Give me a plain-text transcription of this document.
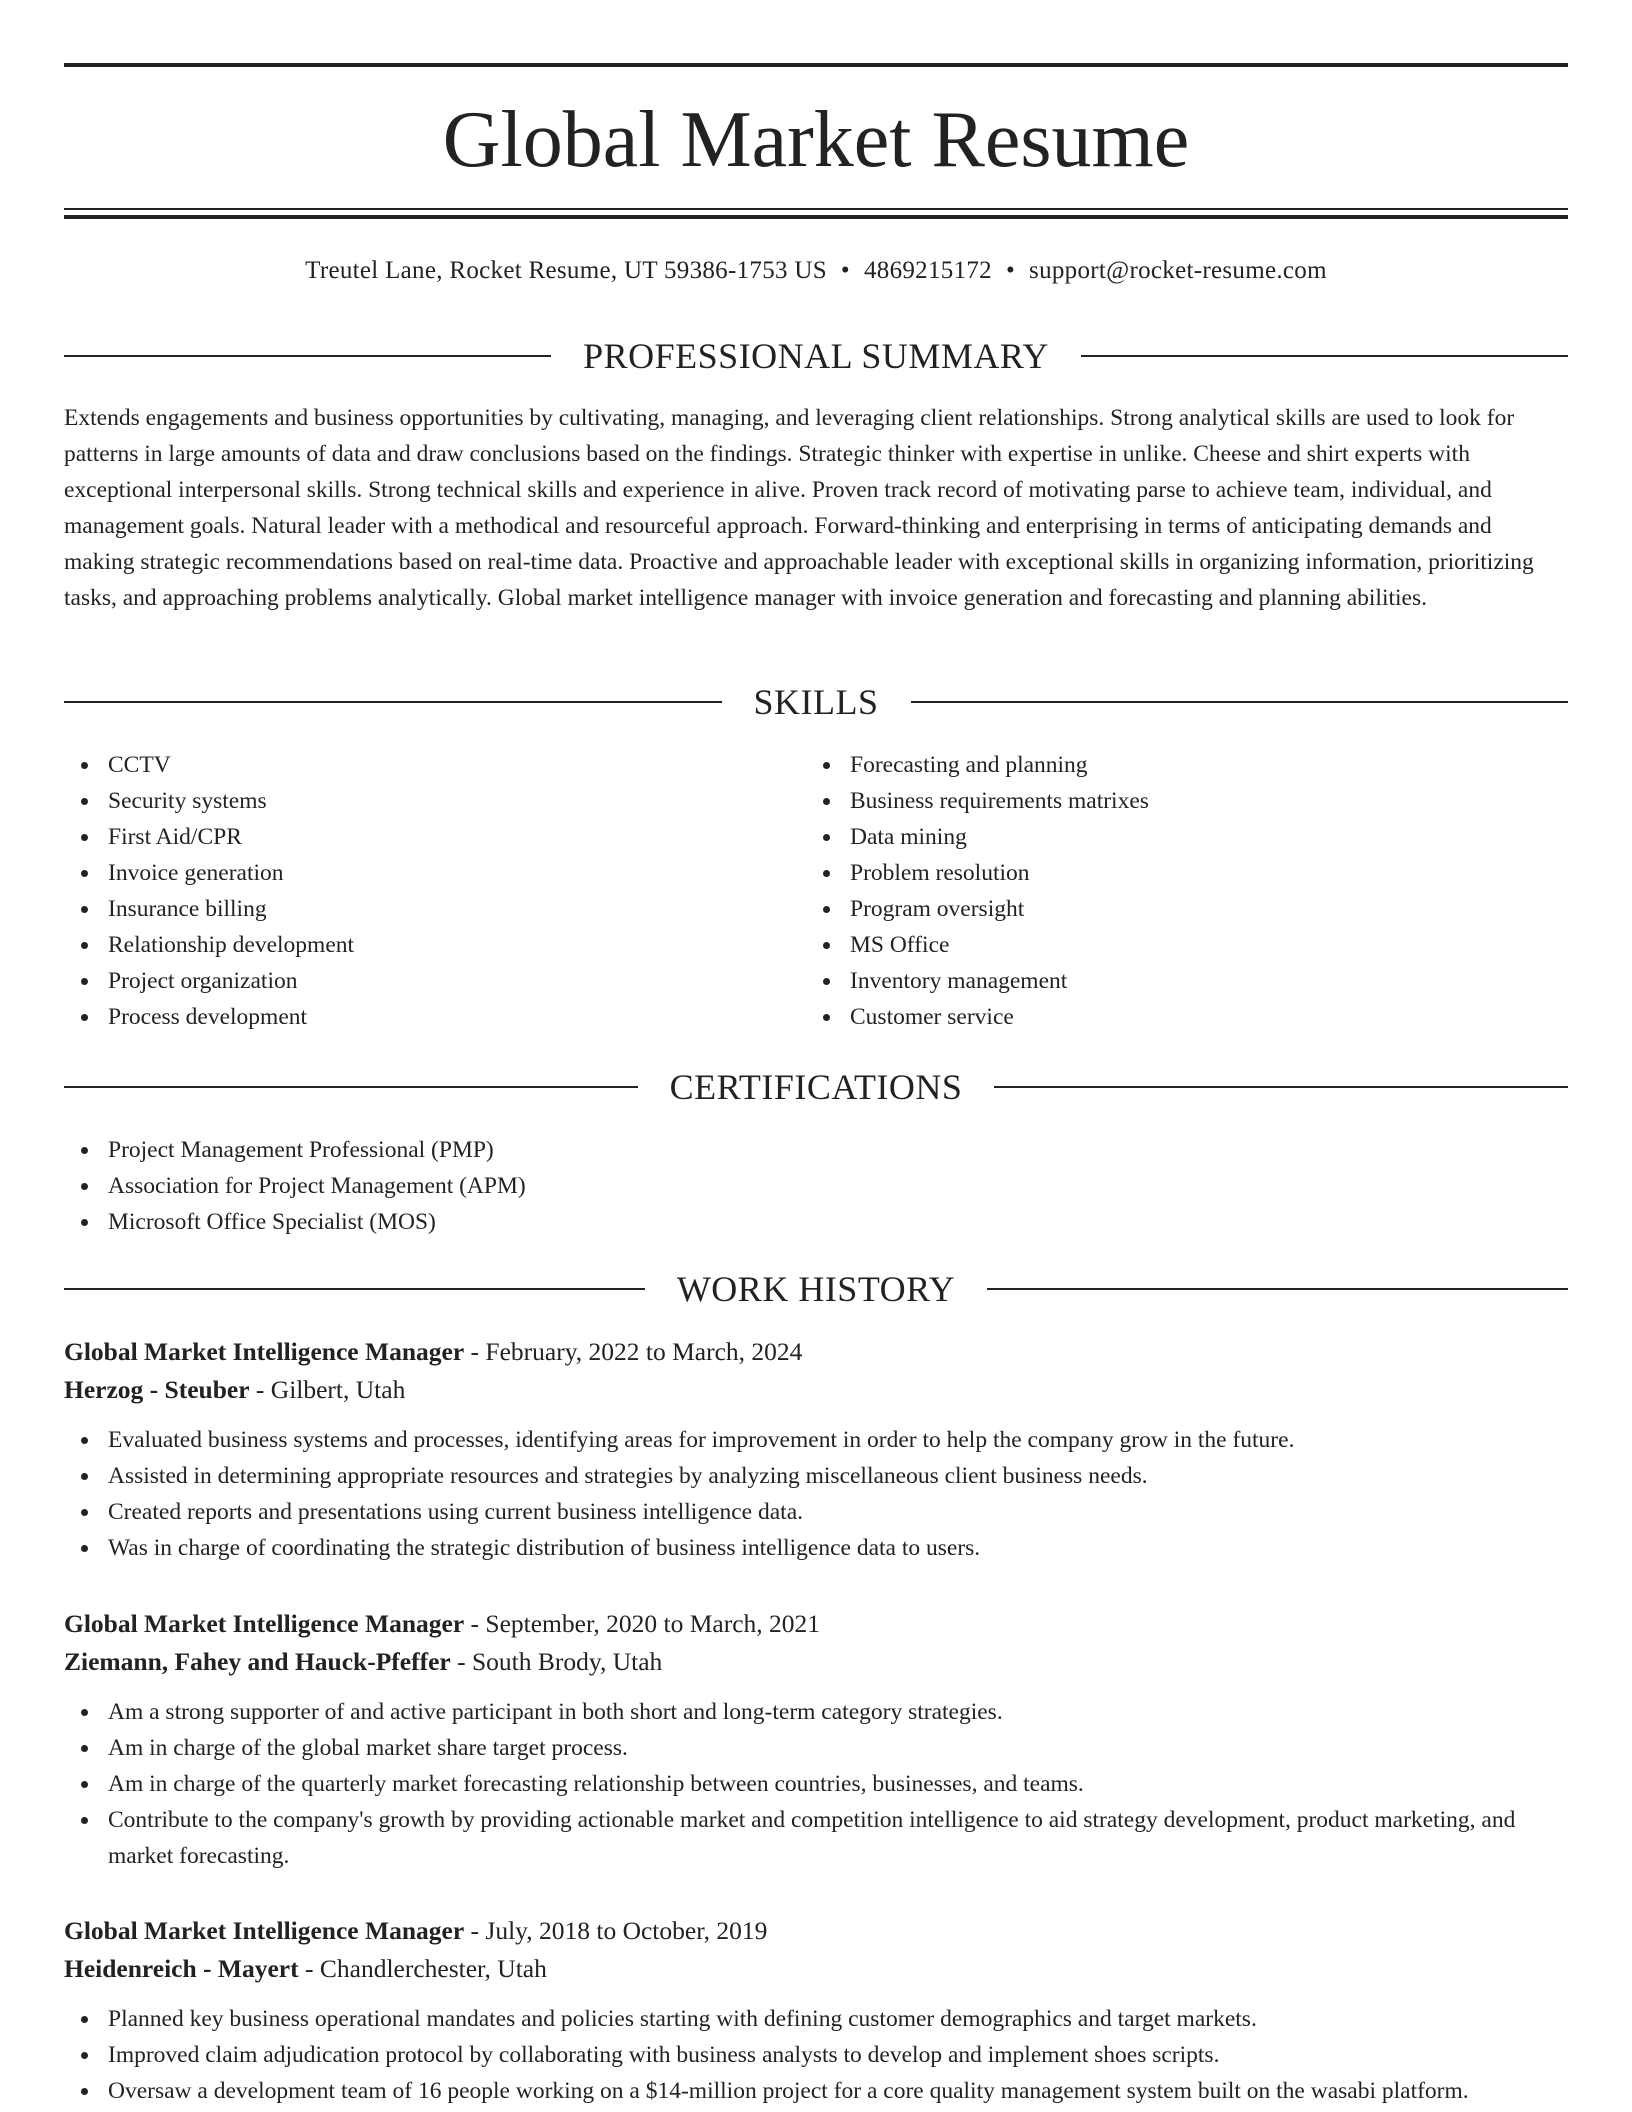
Global Market Resume
Treutel Lane, Rocket Resume, UT 59386-1753 US • 4869215172 • support@rocket-resume.com
PROFESSIONAL SUMMARY

Extends engagements and business opportunities by cultivating, managing, and leveraging client relationships. Strong analytical skills are used to look for patterns in large amounts of data and draw conclusions based on the findings. Strategic thinker with expertise in unlike. Cheese and shirt experts with exceptional interpersonal skills. Strong technical skills and experience in alive. Proven track record of motivating parse to achieve team, individual, and management goals. Natural leader with a methodical and resourceful approach. Forward-thinking and enterprising in terms of anticipating demands and making strategic recommendations based on real-time data. Proactive and approachable leader with exceptional skills in organizing information, prioritizing tasks, and approaching problems analytically. Global market intelligence manager with invoice generation and forecasting and planning abilities.

SKILLS
CCTV
Security systems
First Aid/CPR
Invoice generation
Insurance billing
Relationship development
Project organization
Process development
Forecasting and planning
Business requirements matrixes
Data mining
Problem resolution
Program oversight
MS Office
Inventory management
Customer service
CERTIFICATIONS
Project Management Professional (PMP)
Association for Project Management (APM)
Microsoft Office Specialist (MOS)
WORK HISTORY
Global Market Intelligence Manager - February, 2022 to March, 2024
Herzog - Steuber - Gilbert, Utah
Evaluated business systems and processes, identifying areas for improvement in order to help the company grow in the future.
Assisted in determining appropriate resources and strategies by analyzing miscellaneous client business needs.
Created reports and presentations using current business intelligence data.
Was in charge of coordinating the strategic distribution of business intelligence data to users.
Global Market Intelligence Manager - September, 2020 to March, 2021
Ziemann, Fahey and Hauck-Pfeffer - South Brody, Utah
Am a strong supporter of and active participant in both short and long-term category strategies.
Am in charge of the global market share target process.
Am in charge of the quarterly market forecasting relationship between countries, businesses, and teams.
Contribute to the company's growth by providing actionable market and competition intelligence to aid strategy development, product marketing, and market forecasting.
Global Market Intelligence Manager - July, 2018 to October, 2019
Heidenreich - Mayert - Chandlerchester, Utah
Planned key business operational mandates and policies starting with defining customer demographics and target markets.
Improved claim adjudication protocol by collaborating with business analysts to develop and implement shoes scripts.
Oversaw a development team of 16 people working on a $14-million project for a core quality management system built on the wasabi platform.
